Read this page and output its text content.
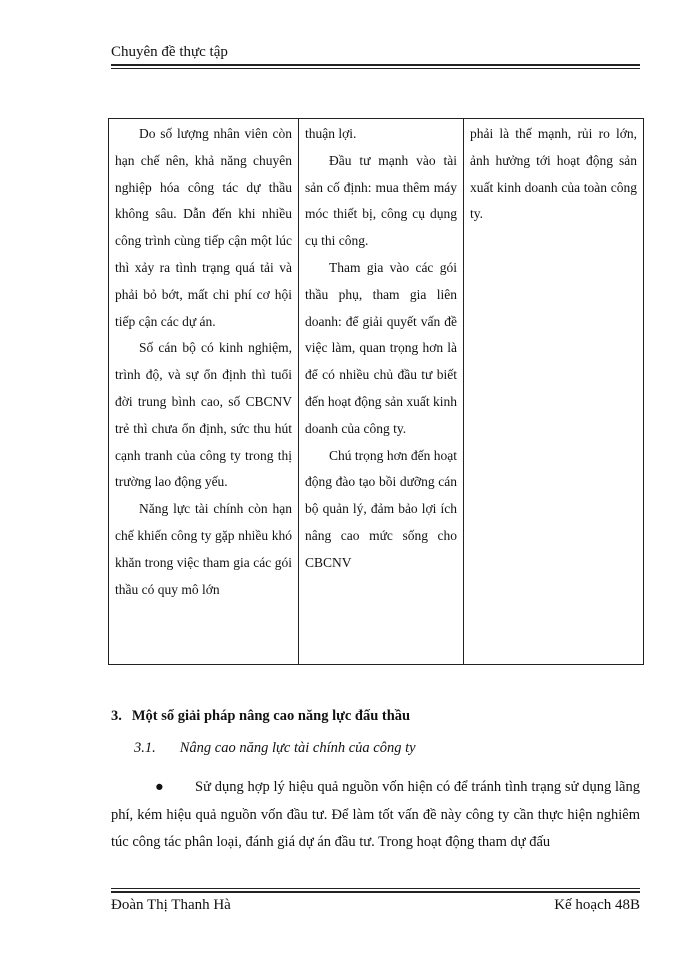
Chuyên đề thực tập

Do số lượng nhân viên còn hạn chế nên, khả năng chuyên nghiệp hóa công tác dự thầu không sâu. Dẫn đến khi nhiều công trình cùng tiếp cận một lúc thì xảy ra tình trạng quá tải và phải bỏ bớt, mất chi phí cơ hội tiếp cận các dự án.

Số cán bộ có kinh nghiệm, trình độ, và sự ổn định thì tuổi đời trung bình cao, số CBCNV trẻ thì chưa ổn định, sức thu hút cạnh tranh của công ty trong thị trường lao động yếu.

Năng lực tài chính còn hạn chế khiến công ty gặp nhiều khó khăn trong việc tham gia các gói thầu có quy mô lớn

thuận lợi.

Đầu tư mạnh vào tài sản cố định: mua thêm máy móc thiết bị, công cụ dụng cụ thi công.

Tham gia vào các gói thầu phụ, tham gia liên doanh: để giải quyết vấn đề việc làm, quan trọng hơn là để có nhiều chủ đầu tư biết đến hoạt động sản xuất kinh doanh của công ty.

Chú trọng hơn đến hoạt động đào tạo bồi dưỡng cán bộ quản lý, đảm bảo lợi ích nâng cao mức sống cho CBCNV

phải là thế mạnh, rủi ro lớn, ảnh hưởng tới hoạt động sản xuất kinh doanh của toàn công ty.

3. Một số giải pháp nâng cao năng lực đấu thầu
3.1. Nâng cao năng lực tài chính của công ty

● Sử dụng hợp lý hiệu quả nguồn vốn hiện có để tránh tình trạng sử dụng lãng phí, kém hiệu quả nguồn vốn đầu tư. Để làm tốt vấn đề này công ty cần thực hiện nghiêm túc công tác phân loại, đánh giá dự án đầu tư. Trong hoạt động tham dự đấu

Đoàn Thị Thanh Hà	Kế hoạch 48B
